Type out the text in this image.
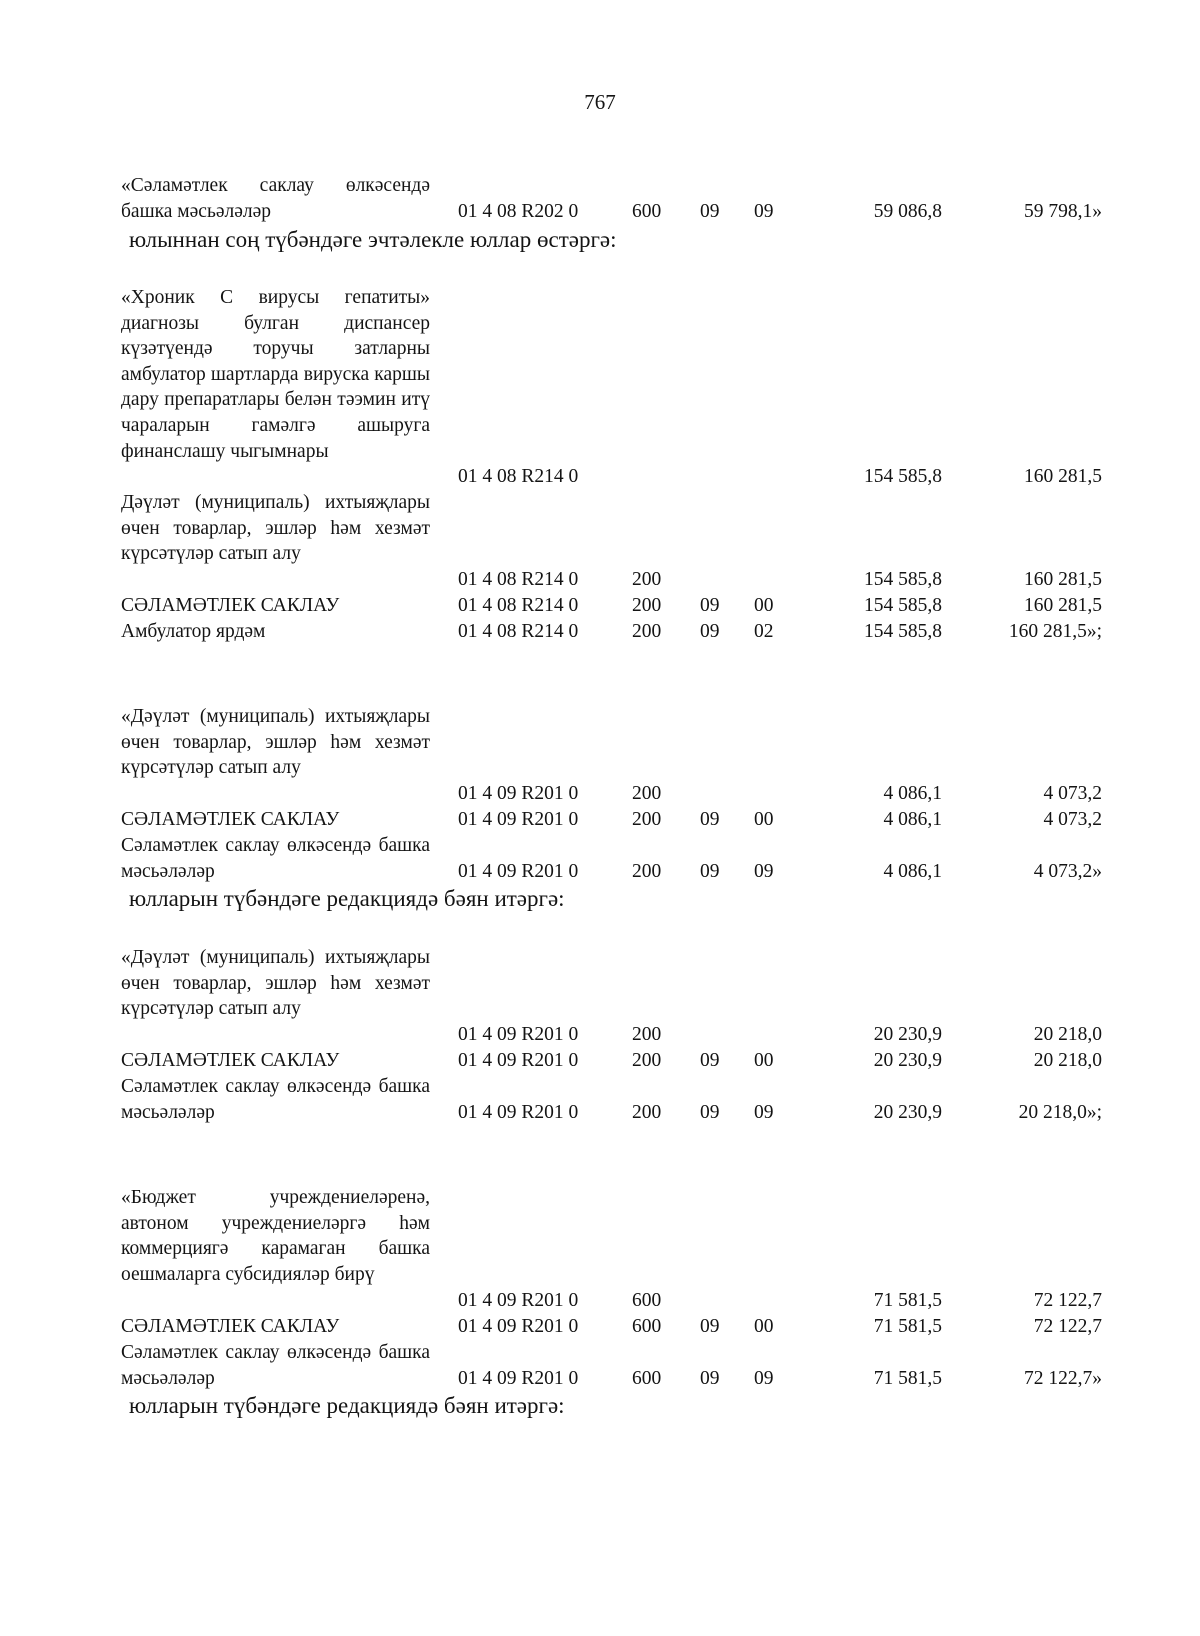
767
«Сәламәтлек саклау өлкәсендә башка мәсьәләләр	01 4 08 R202 0	600 09 09	59 086,8	59 798,1»
юлыннан соң түбәндәге эчтәлекле юллар өстәргә:
«Хроник С вирусы гепатиты» диагнозы булган диспансер күзәтүендә торучы затларны амбулатор шартларда вируска каршы дару препаратлары белән тәэмин итү чараларын гамәлгә ашыруга финанслашу чыгымнары
01 4 08 R214 0	154 585,8	160 281,5
Дәүләт (муниципаль) ихтыяҗлары өчен товарлар, эшләр һәм хезмәт күрсәтүләр сатып алу
01 4 08 R214 0	200	154 585,8	160 281,5
СӘЛАМӘТЛЕК САКЛАУ	01 4 08 R214 0	200 09 00	154 585,8	160 281,5
Амбулатор ярдәм	01 4 08 R214 0	200 09 02	154 585,8	160 281,5»;
«Дәүләт (муниципаль) ихтыяҗлары өчен товарлар, эшләр һәм хезмәт күрсәтүләр сатып алу
01 4 09 R201 0	200	4 086,1	4 073,2
СӘЛАМӘТЛЕК САКЛАУ	01 4 09 R201 0	200 09 00	4 086,1	4 073,2
Сәламәтлек саклау өлкәсендә башка мәсьәләләр	01 4 09 R201 0	200 09 09	4 086,1	4 073,2»
юлларын түбәндәге редакциядә бәян итәргә:
«Дәүләт (муниципаль) ихтыяҗлары өчен товарлар, эшләр һәм хезмәт күрсәтүләр сатып алу
01 4 09 R201 0	200	20 230,9	20 218,0
СӘЛАМӘТЛЕК САКЛАУ	01 4 09 R201 0	200 09 00	20 230,9	20 218,0
Сәламәтлек саклау өлкәсендә башка мәсьәләләр	01 4 09 R201 0	200 09 09	20 230,9	20 218,0»;
«Бюджет учреждениеләренә, автоном учреждениеләргә һәм коммерциягә карамаган башка оешмаларга субсидияләр бирү
01 4 09 R201 0	600	71 581,5	72 122,7
СӘЛАМӘТЛЕК САКЛАУ	01 4 09 R201 0	600 09 00	71 581,5	72 122,7
Сәламәтлек саклау өлкәсендә башка мәсьәләләр	01 4 09 R201 0	600 09 09	71 581,5	72 122,7»
юлларын түбәндәге редакциядә бәян итәргә:
